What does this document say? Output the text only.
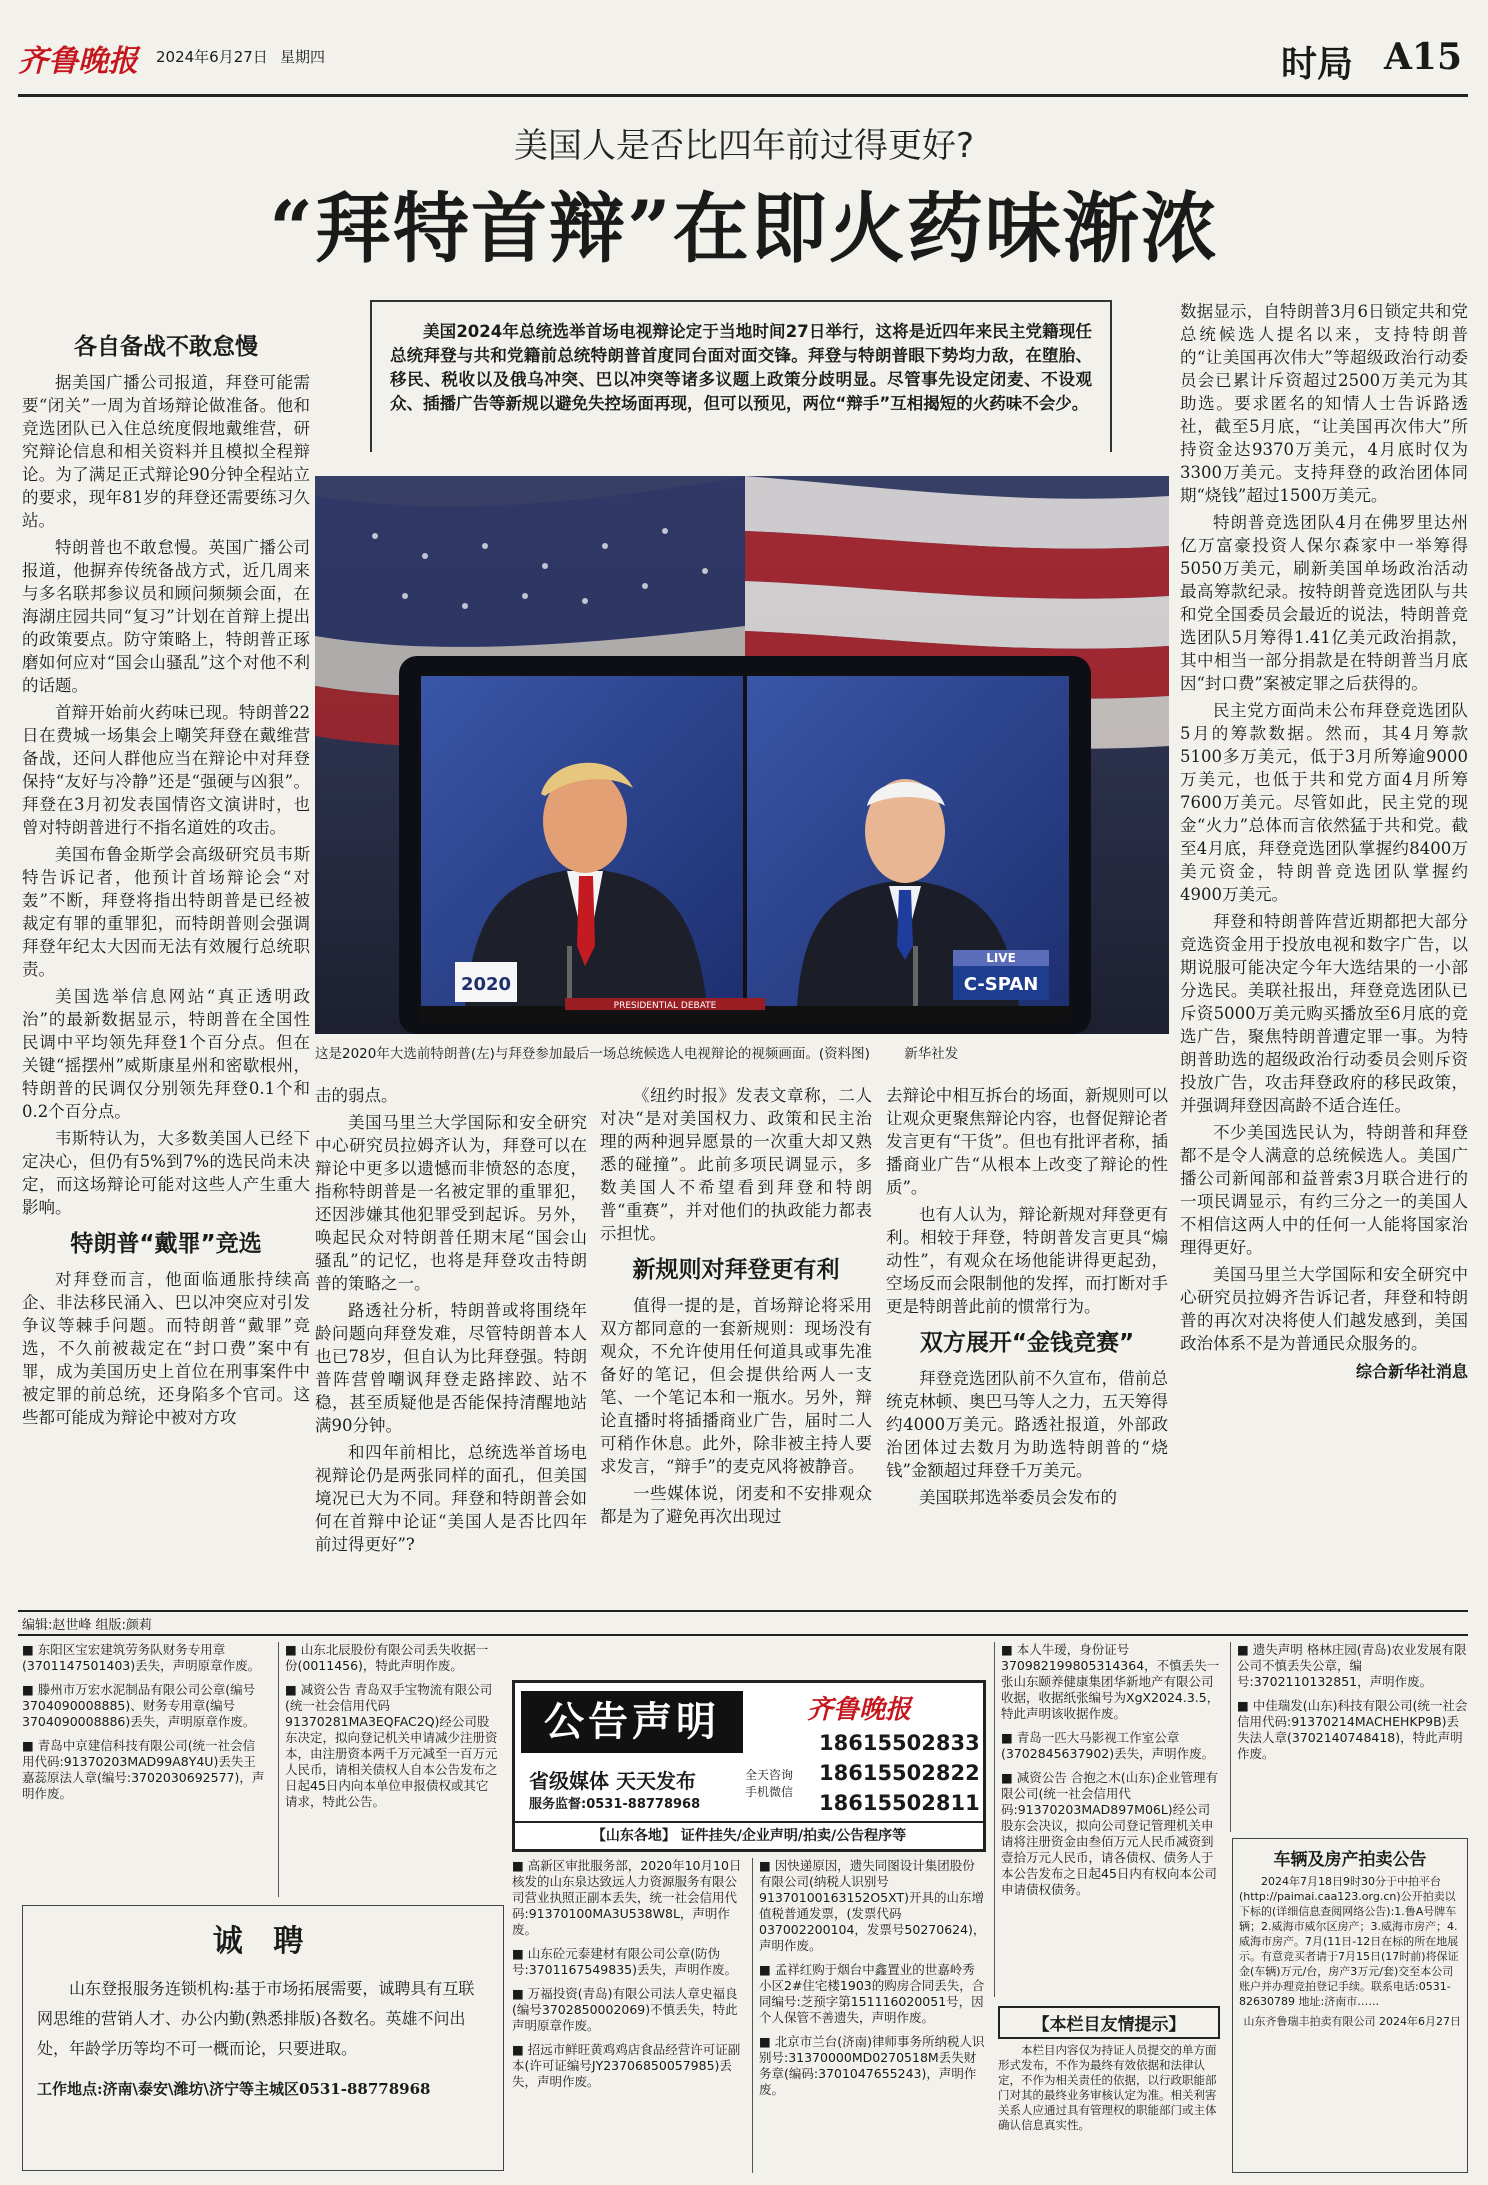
齐鲁晚报 2024年6月27日 星期四	时局 A15
美国人是否比四年前过得更好?
“拜特首辩”在即火药味渐浓
美国2024年总统选举首场电视辩论定于当地时间27日举行，这将是近四年来民主党籍现任总统拜登与共和党籍前总统特朗普首度同台面对面交锋。拜登与特朗普眼下势均力敌，在堕胎、移民、税收以及俄乌冲突、巴以冲突等诸多议题上政策分歧明显。尽管事先设定闭麦、不设观众、插播广告等新规以避免失控场面再现，但可以预见，两位“辩手”互相揭短的火药味不会少。
各自备战不敢怠慢

据美国广播公司报道，拜登可能需要“闭关”一周为首场辩论做准备。他和竞选团队已入住总统度假地戴维营，研究辩论信息和相关资料并且模拟全程辩论。为了满足正式辩论90分钟全程站立的要求，现年81岁的拜登还需要练习久站。

特朗普也不敢怠慢。英国广播公司报道，他摒弃传统备战方式，近几周来与多名联邦参议员和顾问频频会面，在海湖庄园共同“复习”计划在首辩上提出的政策要点。防守策略上，特朗普正琢磨如何应对“国会山骚乱”这个对他不利的话题。

首辩开始前火药味已现。特朗普22日在费城一场集会上嘲笑拜登在戴维营备战，还问人群他应当在辩论中对拜登保持“友好与冷静”还是“强硬与凶狠”。拜登在3月初发表国情咨文演讲时，也曾对特朗普进行不指名道姓的攻击。

美国布鲁金斯学会高级研究员韦斯特告诉记者，他预计首场辩论会“对轰”不断，拜登将指出特朗普是已经被裁定有罪的重罪犯，而特朗普则会强调拜登年纪太大因而无法有效履行总统职责。

美国选举信息网站“真正透明政治”的最新数据显示，特朗普在全国性民调中平均领先拜登1个百分点。但在关键“摇摆州”威斯康星州和密歇根州，特朗普的民调仅分别领先拜登0.1个和0.2个百分点。

韦斯特认为，大多数美国人已经下定决心，但仍有5%到7%的选民尚未决定，而这场辩论可能对这些人产生重大影响。

特朗普“戴罪”竞选

对拜登而言，他面临通胀持续高企、非法移民涌入、巴以冲突应对引发争议等棘手问题。而特朗普“戴罪”竞选，不久前被裁定在“封口费”案中有罪，成为美国历史上首位在刑事案件中被定罪的前总统，还身陷多个官司。这些都可能成为辩论中被对方攻

2020
LIVE
C-SPAN
PRESIDENTIAL DEBATE
这是2020年大选前特朗普(左)与拜登参加最后一场总统候选人电视辩论的视频画面。(资料图)	新华社发

击的弱点。

美国马里兰大学国际和安全研究中心研究员拉姆齐认为，拜登可以在辩论中更多以遗憾而非愤怒的态度，指称特朗普是一名被定罪的重罪犯，还因涉嫌其他犯罪受到起诉。另外，唤起民众对特朗普任期末尾“国会山骚乱”的记忆，也将是拜登攻击特朗普的策略之一。

路透社分析，特朗普或将围绕年龄问题向拜登发难，尽管特朗普本人也已78岁，但自认为比拜登强。特朗普阵营曾嘲讽拜登走路摔跤、站不稳，甚至质疑他是否能保持清醒地站满90分钟。

和四年前相比，总统选举首场电视辩论仍是两张同样的面孔，但美国境况已大为不同。拜登和特朗普会如何在首辩中论证“美国人是否比四年前过得更好”?

《纽约时报》发表文章称，二人对决“是对美国权力、政策和民主治理的两种迥异愿景的一次重大却又熟悉的碰撞”。此前多项民调显示，多数美国人不希望看到拜登和特朗普“重赛”，并对他们的执政能力都表示担忧。

新规则对拜登更有利

值得一提的是，首场辩论将采用双方都同意的一套新规则：现场没有观众，不允许使用任何道具或事先准备好的笔记，但会提供给两人一支笔、一个笔记本和一瓶水。另外，辩论直播时将插播商业广告，届时二人可稍作休息。此外，除非被主持人要求发言，“辩手”的麦克风将被静音。

一些媒体说，闭麦和不安排观众都是为了避免再次出现过

去辩论中相互拆台的场面，新规则可以让观众更聚焦辩论内容，也督促辩论者发言更有“干货”。但也有批评者称，插播商业广告“从根本上改变了辩论的性质”。

也有人认为，辩论新规对拜登更有利。相较于拜登，特朗普发言更具“煽动性”，有观众在场他能讲得更起劲，空场反而会限制他的发挥，而打断对手更是特朗普此前的惯常行为。

双方展开“金钱竞赛”

拜登竞选团队前不久宣布，借前总统克林顿、奥巴马等人之力，五天筹得约4000万美元。路透社报道，外部政治团体过去数月为助选特朗普的“烧钱”金额超过拜登千万美元。

美国联邦选举委员会发布的

数据显示，自特朗普3月6日锁定共和党总统候选人提名以来，支持特朗普的“让美国再次伟大”等超级政治行动委员会已累计斥资超过2500万美元为其助选。要求匿名的知情人士告诉路透社，截至5月底，“让美国再次伟大”所持资金达9370万美元，4月底时仅为3300万美元。支持拜登的政治团体同期“烧钱”超过1500万美元。

特朗普竞选团队4月在佛罗里达州亿万富豪投资人保尔森家中一举筹得5050万美元，刷新美国单场政治活动最高筹款纪录。按特朗普竞选团队与共和党全国委员会最近的说法，特朗普竞选团队5月筹得1.41亿美元政治捐款，其中相当一部分捐款是在特朗普当月底因“封口费”案被定罪之后获得的。

民主党方面尚未公布拜登竞选团队5月的筹款数据。然而，其4月筹款5100多万美元，低于3月所筹逾9000万美元，也低于共和党方面4月所筹7600万美元。尽管如此，民主党的现金“火力”总体而言依然猛于共和党。截至4月底，拜登竞选团队掌握约8400万美元资金，特朗普竞选团队掌握约4900万美元。

拜登和特朗普阵营近期都把大部分竞选资金用于投放电视和数字广告，以期说服可能决定今年大选结果的一小部分选民。美联社报出，拜登竞选团队已斥资5000万美元购买播放至6月底的竞选广告，聚焦特朗普遭定罪一事。为特朗普助选的超级政治行动委员会则斥资投放广告，攻击拜登政府的移民政策，并强调拜登因高龄不适合连任。

不少美国选民认为，特朗普和拜登都不是令人满意的总统候选人。美国广播公司新闻部和益普索3月联合进行的一项民调显示，有约三分之一的美国人不相信这两人中的任何一人能将国家治理得更好。

美国马里兰大学国际和安全研究中心研究员拉姆齐告诉记者，拜登和特朗普的再次对决将使人们越发感到，美国政治体系不是为普通民众服务的。

综合新华社消息
编辑:赵世峰 组版:颜莉
■ 东阳区宝宏建筑劳务队财务专用章(3701147501403)丢失，声明原章作废。
■ 滕州市万宏水泥制品有限公司公章(编号3704090008885)、财务专用章(编号3704090008886)丢失，声明原章作废。
■ 青岛中京建信科技有限公司(统一社会信用代码:91370203MAD99A8Y4U)丢失王嘉蕊原法人章(编号:3702030692577)，声明作废。
■ 山东北辰股份有限公司丢失收据一份(0011456)，特此声明作废。
■ 减资公告 青岛双手宝物流有限公司(统一社会信用代码91370281MA3EQFAC2Q)经公司股东决定，拟向登记机关申请减少注册资本，由注册资本两千万元减至一百万元人民币，请相关债权人自本公告发布之日起45日内向本单位申报债权或其它请求，特此公告。
诚 聘
山东登报服务连锁机构:基于市场拓展需要，诚聘具有互联网思维的营销人才、办公内勤(熟悉排版)各数名。英雄不问出处，年龄学历等均不可一概而论，只要进取。
工作地点:济南\泰安\潍坊\济宁等主城区0531-88778968
公告声明	齐鲁晚报
省级媒体 天天发布
服务监督:0531-88778968
全天咨询 手机微信
18615502833
18615502822
18615502811
【山东各地】 证件挂失/企业声明/拍卖/公告程序等
■ 高新区审批服务部，2020年10月10日核发的山东泉达致远人力资源服务有限公司营业执照正副本丢失，统一社会信用代码:91370100MA3U538W8L，声明作废。
■ 山东砼元泰建材有限公司公章(防伪号:3701167549835)丢失，声明作废。
■ 万福投资(青岛)有限公司法人章史福良(编号3702850002069)不慎丢失，特此声明原章作废。
■ 招远市鲜旺黄鸡鸡店食品经营许可证副本(许可证编号JY23706850057985)丢失，声明作废。
■ 因快递原因，遗失同图设计集团股份有限公司(纳税人识别号91370100163152O5XT)开具的山东增值税普通发票，(发票代码037002200104，发票号50270624)，声明作废。
■ 孟祥红购于烟台中鑫置业的世嘉岭秀小区2#住宅楼1903的购房合同丢失，合同编号:芝预字第151116020051号，因个人保管不善遗失，声明作废。
■ 北京市兰台(济南)律师事务所纳税人识别号:31370000MD0270518M丢失财务章(编码:3701047655243)，声明作废。
■ 本人牛瑷，身份证号370982199805314364，不慎丢失一张山东颐养健康集团华新地产有限公司收据，收据纸张编号为XgX2024.3.5，特此声明该收据作废。
■ 青岛一匹大马影视工作室公章(3702845637902)丢失，声明作废。
■ 减资公告 合抱之木(山东)企业管理有限公司(统一社会信用代码:91370203MAD897M06L)经公司股东会决议，拟向公司登记管理机关申请将注册资金由叁佰万元人民币减资到壹拾万元人民币，请各债权、债务人于本公告发布之日起45日内有权向本公司申请债权债务。
【本栏目友情提示】
本栏目内容仅为持证人员提交的单方面形式发布，不作为最终有效依据和法律认定，不作为相关责任的依据，以行政职能部门对其的最终业务审核认定为准。相关利害关系人应通过具有管理权的职能部门或主体确认信息真实性。
■ 遗失声明 格林庄园(青岛)农业发展有限公司不慎丢失公章，编号:3702110132851，声明作废。
■ 中佳瑞发(山东)科技有限公司(统一社会信用代码:91370214MACHEHKP9B)丢失法人章(3702140748418)，特此声明作废。
车辆及房产拍卖公告
2024年7月18日9时30分于中拍平台(http://paimai.caa123.org.cn)公开拍卖以下标的(详细信息查阅网络公告):1.鲁A号牌车辆；2.威海市威尔区房产；3.威海市房产；4.威海市房产。7月(11日-12日在标的所在地展示。有意竞买者请于7月15日(17时前)将保证金(车辆)万元/台，房产3万元/套)交至本公司账户并办理竞拍登记手续。联系电话:0531-82630789 地址:济南市……
山东齐鲁瑞丰拍卖有限公司 2024年6月27日
